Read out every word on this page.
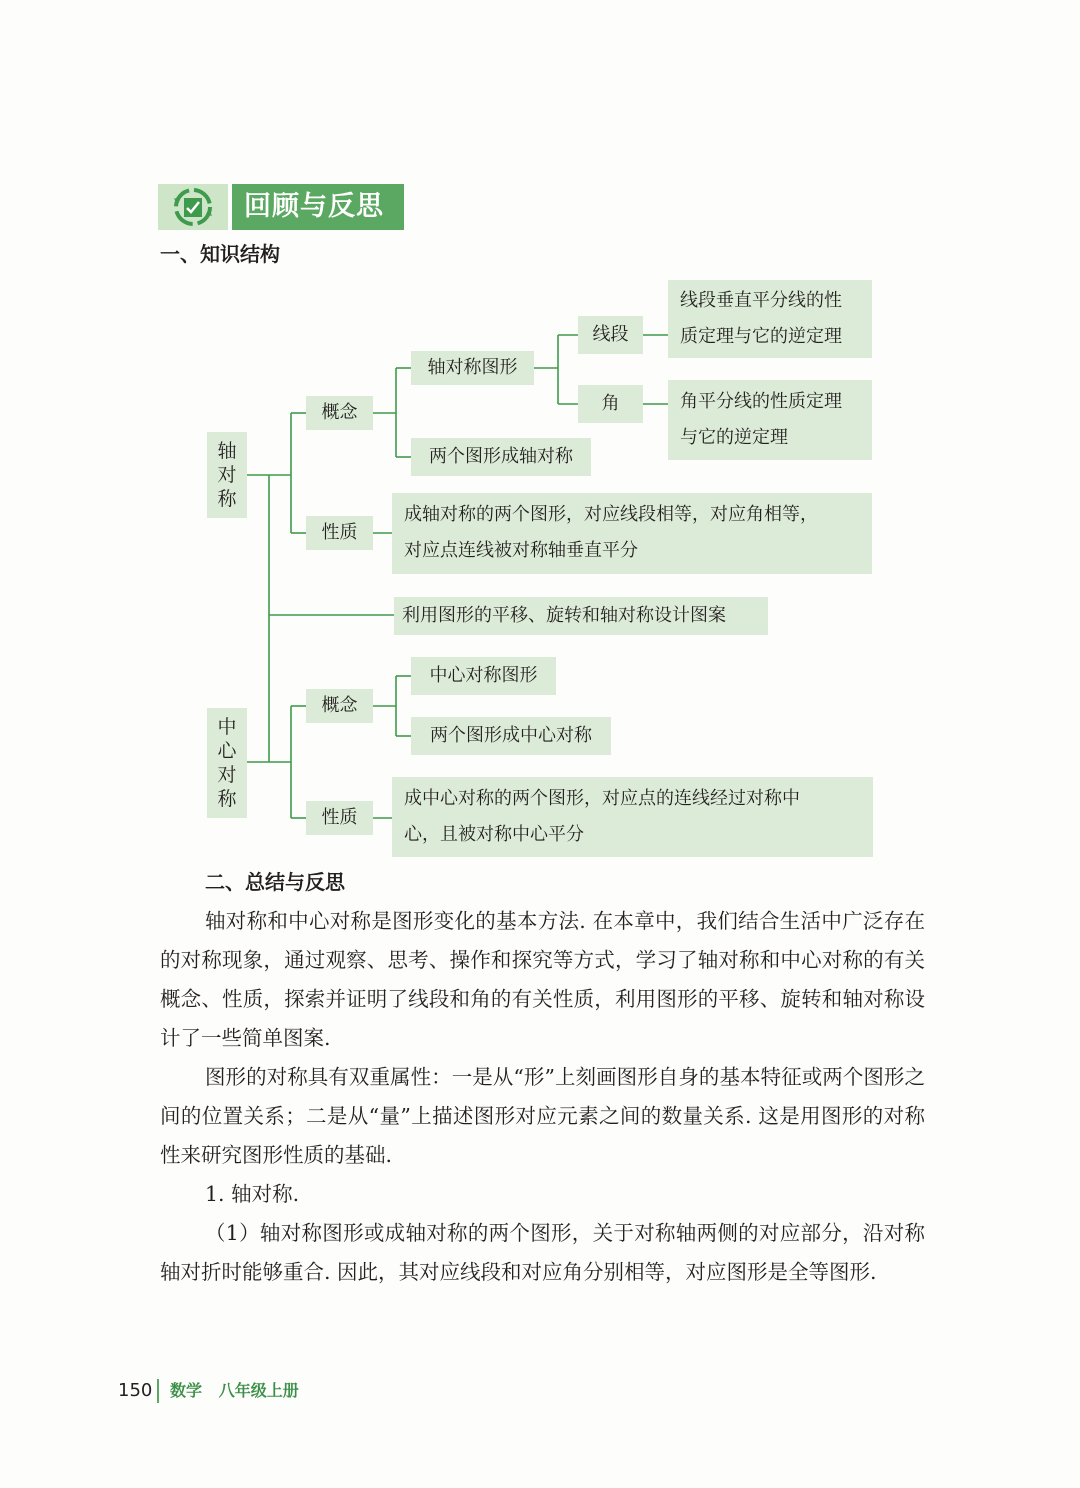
回顾与反思
一、知识结构
轴
对
称
中
心
对
称
概念
轴对称图形
线段
线段垂直平分线的性
质定理与它的逆定理
角	角平分线的性质定理
与它的逆定理
两个图形成轴对称
性质
成轴对称的两个图形，对应线段相等，对应角相等，
对应点连线被对称轴垂直平分
利用图形的平移、旋转和轴对称设计图案
概念
中心对称图形
两个图形成中心对称
性质
成中心对称的两个图形，对应点的连线经过对称中
心，且被对称中心平分
二、总结与反思

轴对称和中心对称是图形变化的基本方法. 在本章中，我们结合生活中广泛存在的对称现象，通过观察、思考、操作和探究等方式，学习了轴对称和中心对称的有关概念、性质，探索并证明了线段和角的有关性质，利用图形的平移、旋转和轴对称设计了一些简单图案.

图形的对称具有双重属性：一是从“形”上刻画图形自身的基本特征或两个图形之间的位置关系；二是从“量”上描述图形对应元素之间的数量关系. 这是用图形的对称性来研究图形性质的基础.

1. 轴对称.

（1）轴对称图形或成轴对称的两个图形，关于对称轴两侧的对应部分，沿对称轴对折时能够重合. 因此，其对应线段和对应角分别相等，对应图形是全等图形.

150 数学 八年级上册
